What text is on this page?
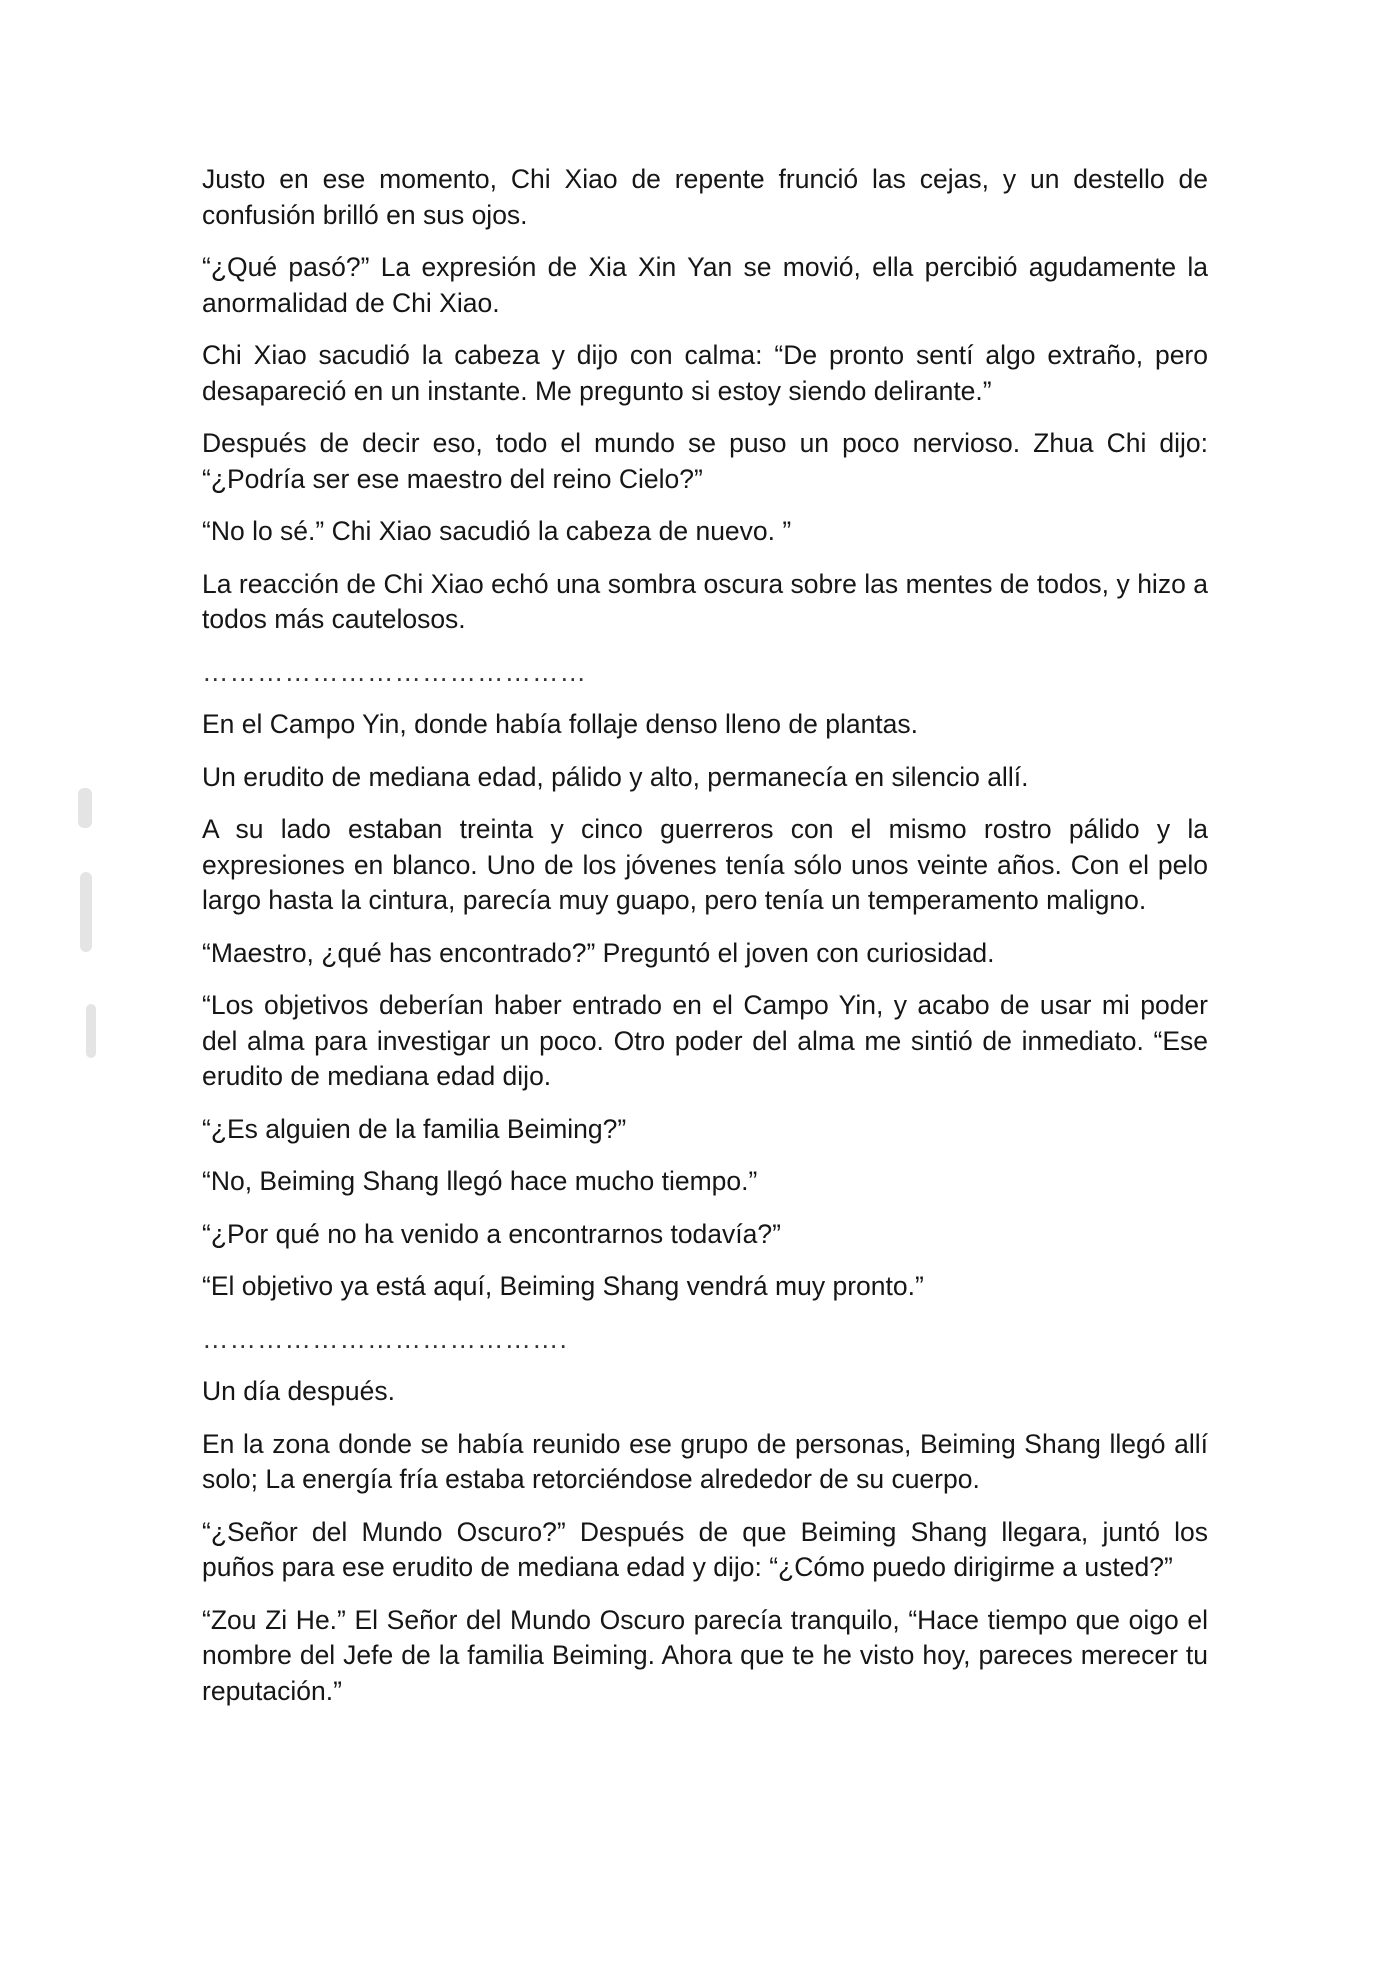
Justo en ese momento, Chi Xiao de repente frunció las cejas, y un destello de confusión brilló en sus ojos.

“¿Qué pasó?” La expresión de Xia Xin Yan se movió, ella percibió agudamente la anormalidad de Chi Xiao.

Chi Xiao sacudió la cabeza y dijo con calma: “De pronto sentí algo extraño, pero desapareció en un instante. Me pregunto si estoy siendo delirante.”

Después de decir eso, todo el mundo se puso un poco nervioso. Zhua Chi dijo: “¿Podría ser ese maestro del reino Cielo?”

“No lo sé.” Chi Xiao sacudió la cabeza de nuevo. ”

La reacción de Chi Xiao echó una sombra oscura sobre las mentes de todos, y hizo a todos más cautelosos.

……………………………………

En el Campo Yin, donde había follaje denso lleno de plantas.

Un erudito de mediana edad, pálido y alto, permanecía en silencio allí.

A su lado estaban treinta y cinco guerreros con el mismo rostro pálido y la expresiones en blanco. Uno de los jóvenes tenía sólo unos veinte años. Con el pelo largo hasta la cintura, parecía muy guapo, pero tenía un temperamento maligno.

“Maestro, ¿qué has encontrado?” Preguntó el joven con curiosidad.

“Los objetivos deberían haber entrado en el Campo Yin, y acabo de usar mi poder del alma para investigar un poco. Otro poder del alma me sintió de inmediato. “Ese erudito de mediana edad dijo.

“¿Es alguien de la familia Beiming?”

“No, Beiming Shang llegó hace mucho tiempo.”

“¿Por qué no ha venido a encontrarnos todavía?”

“El objetivo ya está aquí, Beiming Shang vendrá muy pronto.”

………………………………….

Un día después.

En la zona donde se había reunido ese grupo de personas, Beiming Shang llegó allí solo; La energía fría estaba retorciéndose alrededor de su cuerpo.

“¿Señor del Mundo Oscuro?” Después de que Beiming Shang llegara, juntó los puños para ese erudito de mediana edad y dijo: “¿Cómo puedo dirigirme a usted?”

“Zou Zi He.” El Señor del Mundo Oscuro parecía tranquilo, “Hace tiempo que oigo el nombre del Jefe de la familia Beiming. Ahora que te he visto hoy, pareces merecer tu reputación.”
